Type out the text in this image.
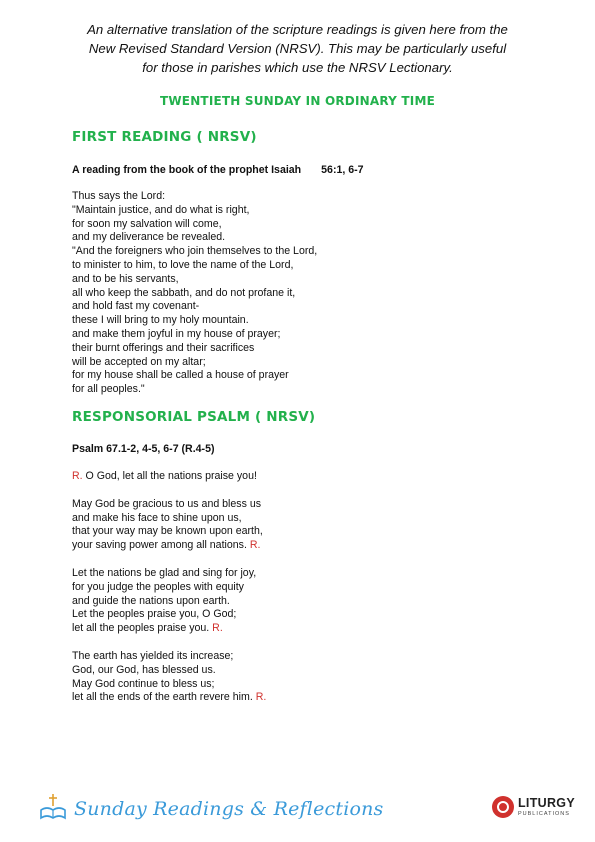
An alternative translation of the scripture readings is given here from the
New Revised Standard Version (NRSV). This may be particularly useful
for those in parishes which use the NRSV Lectionary.
TWENTIETH SUNDAY IN ORDINARY TIME
FIRST READING ( NRSV)
A reading from the book of the prophet Isaiah 56:1, 6-7
Thus says the Lord:
"Maintain justice, and do what is right,
for soon my salvation will come,
and my deliverance be revealed.
"And the foreigners who join themselves to the Lord,
to minister to him, to love the name of the Lord,
and to be his servants,
all who keep the sabbath, and do not profane it,
and hold fast my covenant-
these I will bring to my holy mountain.
and make them joyful in my house of prayer;
their burnt offerings and their sacrifices
will be accepted on my altar;
for my house shall be called a house of prayer
for all peoples."
RESPONSORIAL PSALM ( NRSV)
Psalm 67.1-2, 4-5, 6-7 (R.4-5)
R. O God, let all the nations praise you!
May God be gracious to us and bless us
and make his face to shine upon us,
that your way may be known upon earth,
your saving power among all nations. R.
Let the nations be glad and sing for joy,
for you judge the peoples with equity
and guide the nations upon earth.
Let the peoples praise you, O God;
let all the peoples praise you. R.
The earth has yielded its increase;
God, our God, has blessed us.
May God continue to bless us;
let all the ends of the earth revere him. R.
Sunday Readings & Reflections	LITURGY
PUBLICATIONS
